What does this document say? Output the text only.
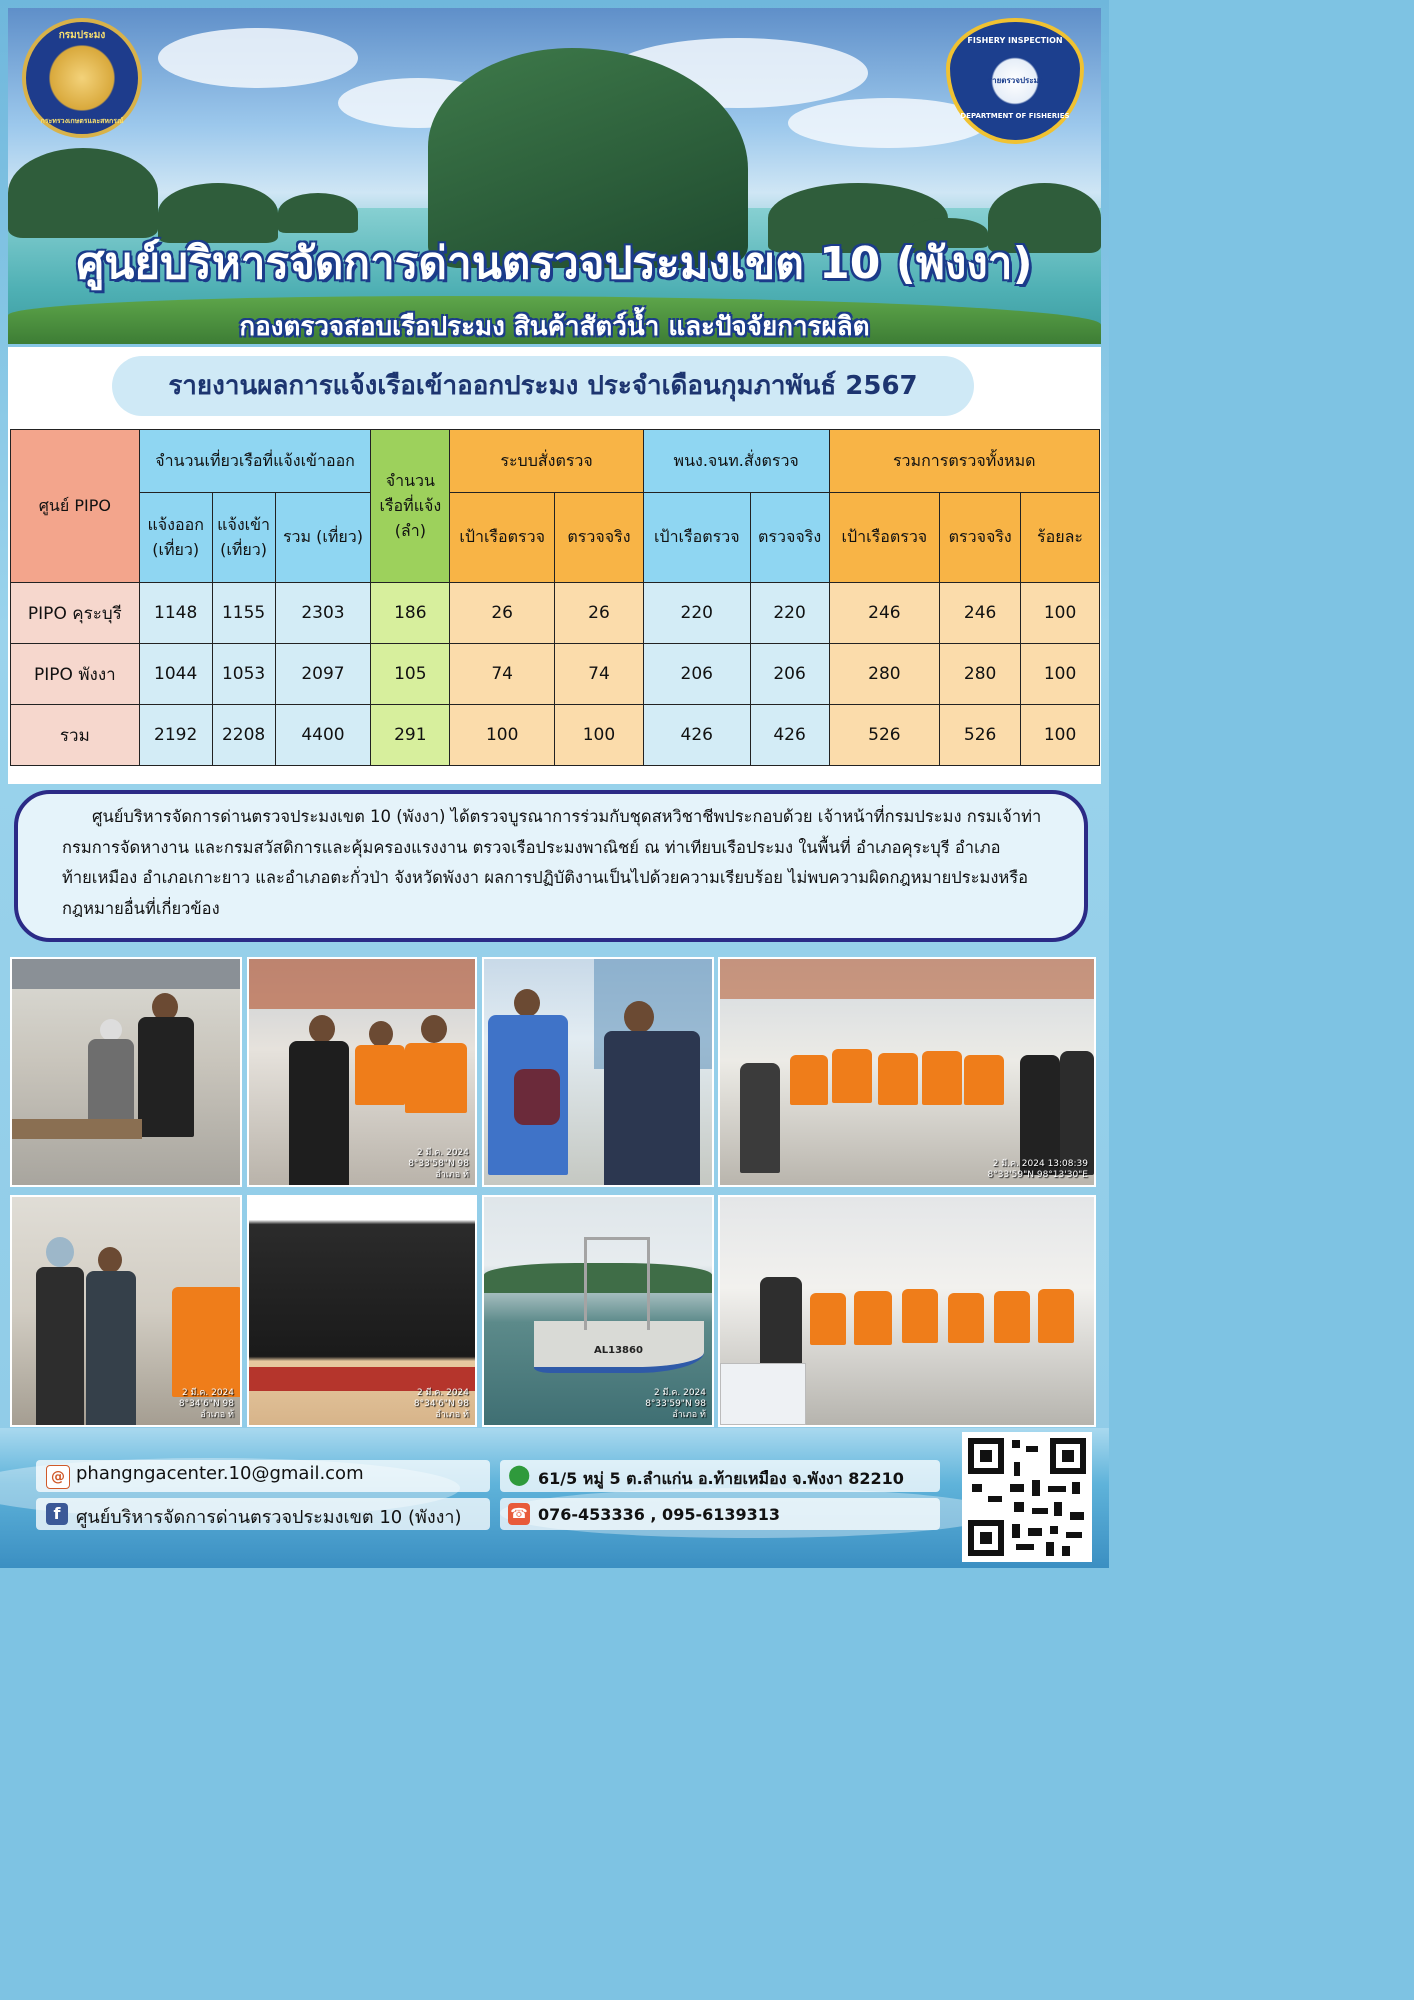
กรมประมง
กระทรวงเกษตรและสหกรณ์
FISHERY INSPECTION
สายตรวจประมง
DEPARTMENT OF FISHERIES
ศูนย์บริหารจัดการด่านตรวจประมงเขต 10 (พังงา)
กองตรวจสอบเรือประมง สินค้าสัตว์น้ำ และปัจจัยการผลิต
รายงานผลการแจ้งเรือเข้าออกประมง ประจำเดือนกุมภาพันธ์ 2567
ศูนย์ PIPO	จำนวนเที่ยวเรือที่แจ้งเข้าออก			จำนวน เรือที่แจ้ง (ลำ)	ระบบสั่งตรวจ		พนง.จนท.สั่งตรวจ		รวมการตรวจทั้งหมด		
	แจ้งออก (เที่ยว)	แจ้งเข้า (เที่ยว)	รวม (เที่ยว)		เป้าเรือตรวจ	ตรวจจริง	เป้าเรือตรวจ	ตรวจจริง	เป้าเรือตรวจ	ตรวจจริง	ร้อยละ
PIPO คุระบุรี	1148	1155	2303	186	26	26	220	220	246	246	100
PIPO พังงา	1044	1053	2097	105	74	74	206	206	280	280	100
รวม	2192	2208	4400	291	100	100	426	426	526	526	100

ศูนย์บริหารจัดการด่านตรวจประมงเขต 10 (พังงา) ได้ตรวจบูรณาการร่วมกับชุดสหวิชาชีพประกอบด้วย เจ้าหน้าที่กรมประมง กรมเจ้าท่า กรมการจัดหางาน และกรมสวัสดิการและคุ้มครองแรงงาน ตรวจเรือประมงพาณิชย์ ณ ท่าเทียบเรือประมง ในพื้นที่ อำเภอคุระบุรี อำเภอท้ายเหมือง อำเภอเกาะยาว และอำเภอตะกั่วป่า จังหวัดพังงา ผลการปฏิบัติงานเป็นไปด้วยความเรียบร้อย ไม่พบความผิดกฎหมายประมงหรือกฎหมายอื่นที่เกี่ยวข้อง

2 มี.ค. 2024
8°33'58"N 98
อำเภอ ท้
2 มี.ค. 2024 13:08:39
8°33'59"N 98°13'30"E
2 มี.ค. 2024
8°34'6"N 98
อำเภอ ท้
2 มี.ค. 2024
8°34'6"N 98
อำเภอ ท้
AL13860
2 มี.ค. 2024
8°33'59"N 98
อำเภอ ท้
@ phangngacenter.10@gmail.com
f ศูนย์บริหารจัดการด่านตรวจประมงเขต 10 (พังงา)
⬤ 61/5 หมู่ 5 ต.ลำแก่น อ.ท้ายเหมือง จ.พังงา 82210
☎ 076-453336 , 095-6139313
